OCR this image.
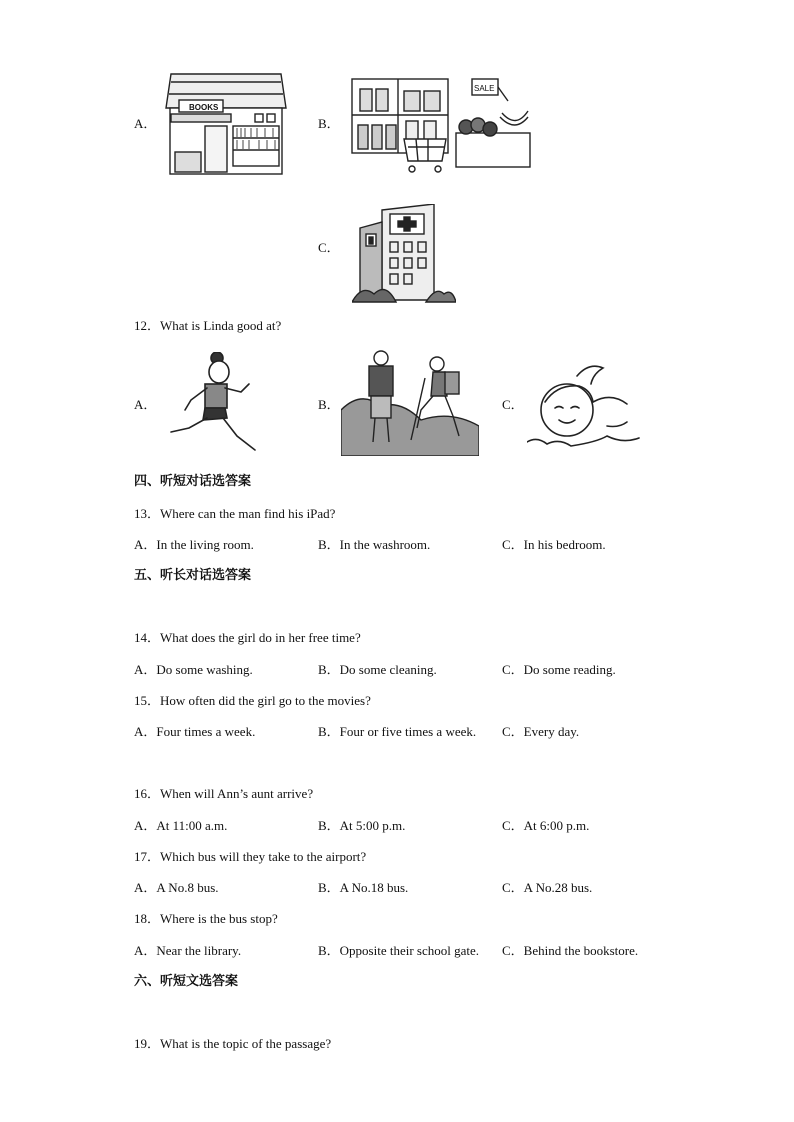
A．
BOOKS
B．
SALE
C．
12．What is Linda good at?
A．	B．	C．
四、听短对话选答案
13．Where can the man find his iPad?
A．In the living room.	B．In the washroom.	C．In his bedroom.
五、听长对话选答案
14．What does the girl do in her free time?
A．Do some washing.	B．Do some cleaning.	C．Do some reading.
15．How often did the girl go to the movies?
A．Four times a week.	B．Four or five times a week. C．Every day.
16．When will Ann’s aunt arrive?
A．At 11:00 a.m.	B．At 5:00 p.m.	C．At 6:00 p.m.
17．Which bus will they take to the airport?
A．A No.8 bus.	B．A No.18 bus.	C．A No.28 bus.
18．Where is the bus stop?
A．Near the library.	B．Opposite their school gate. C．Behind the bookstore.
六、听短文选答案
19．What is the topic of the passage?
